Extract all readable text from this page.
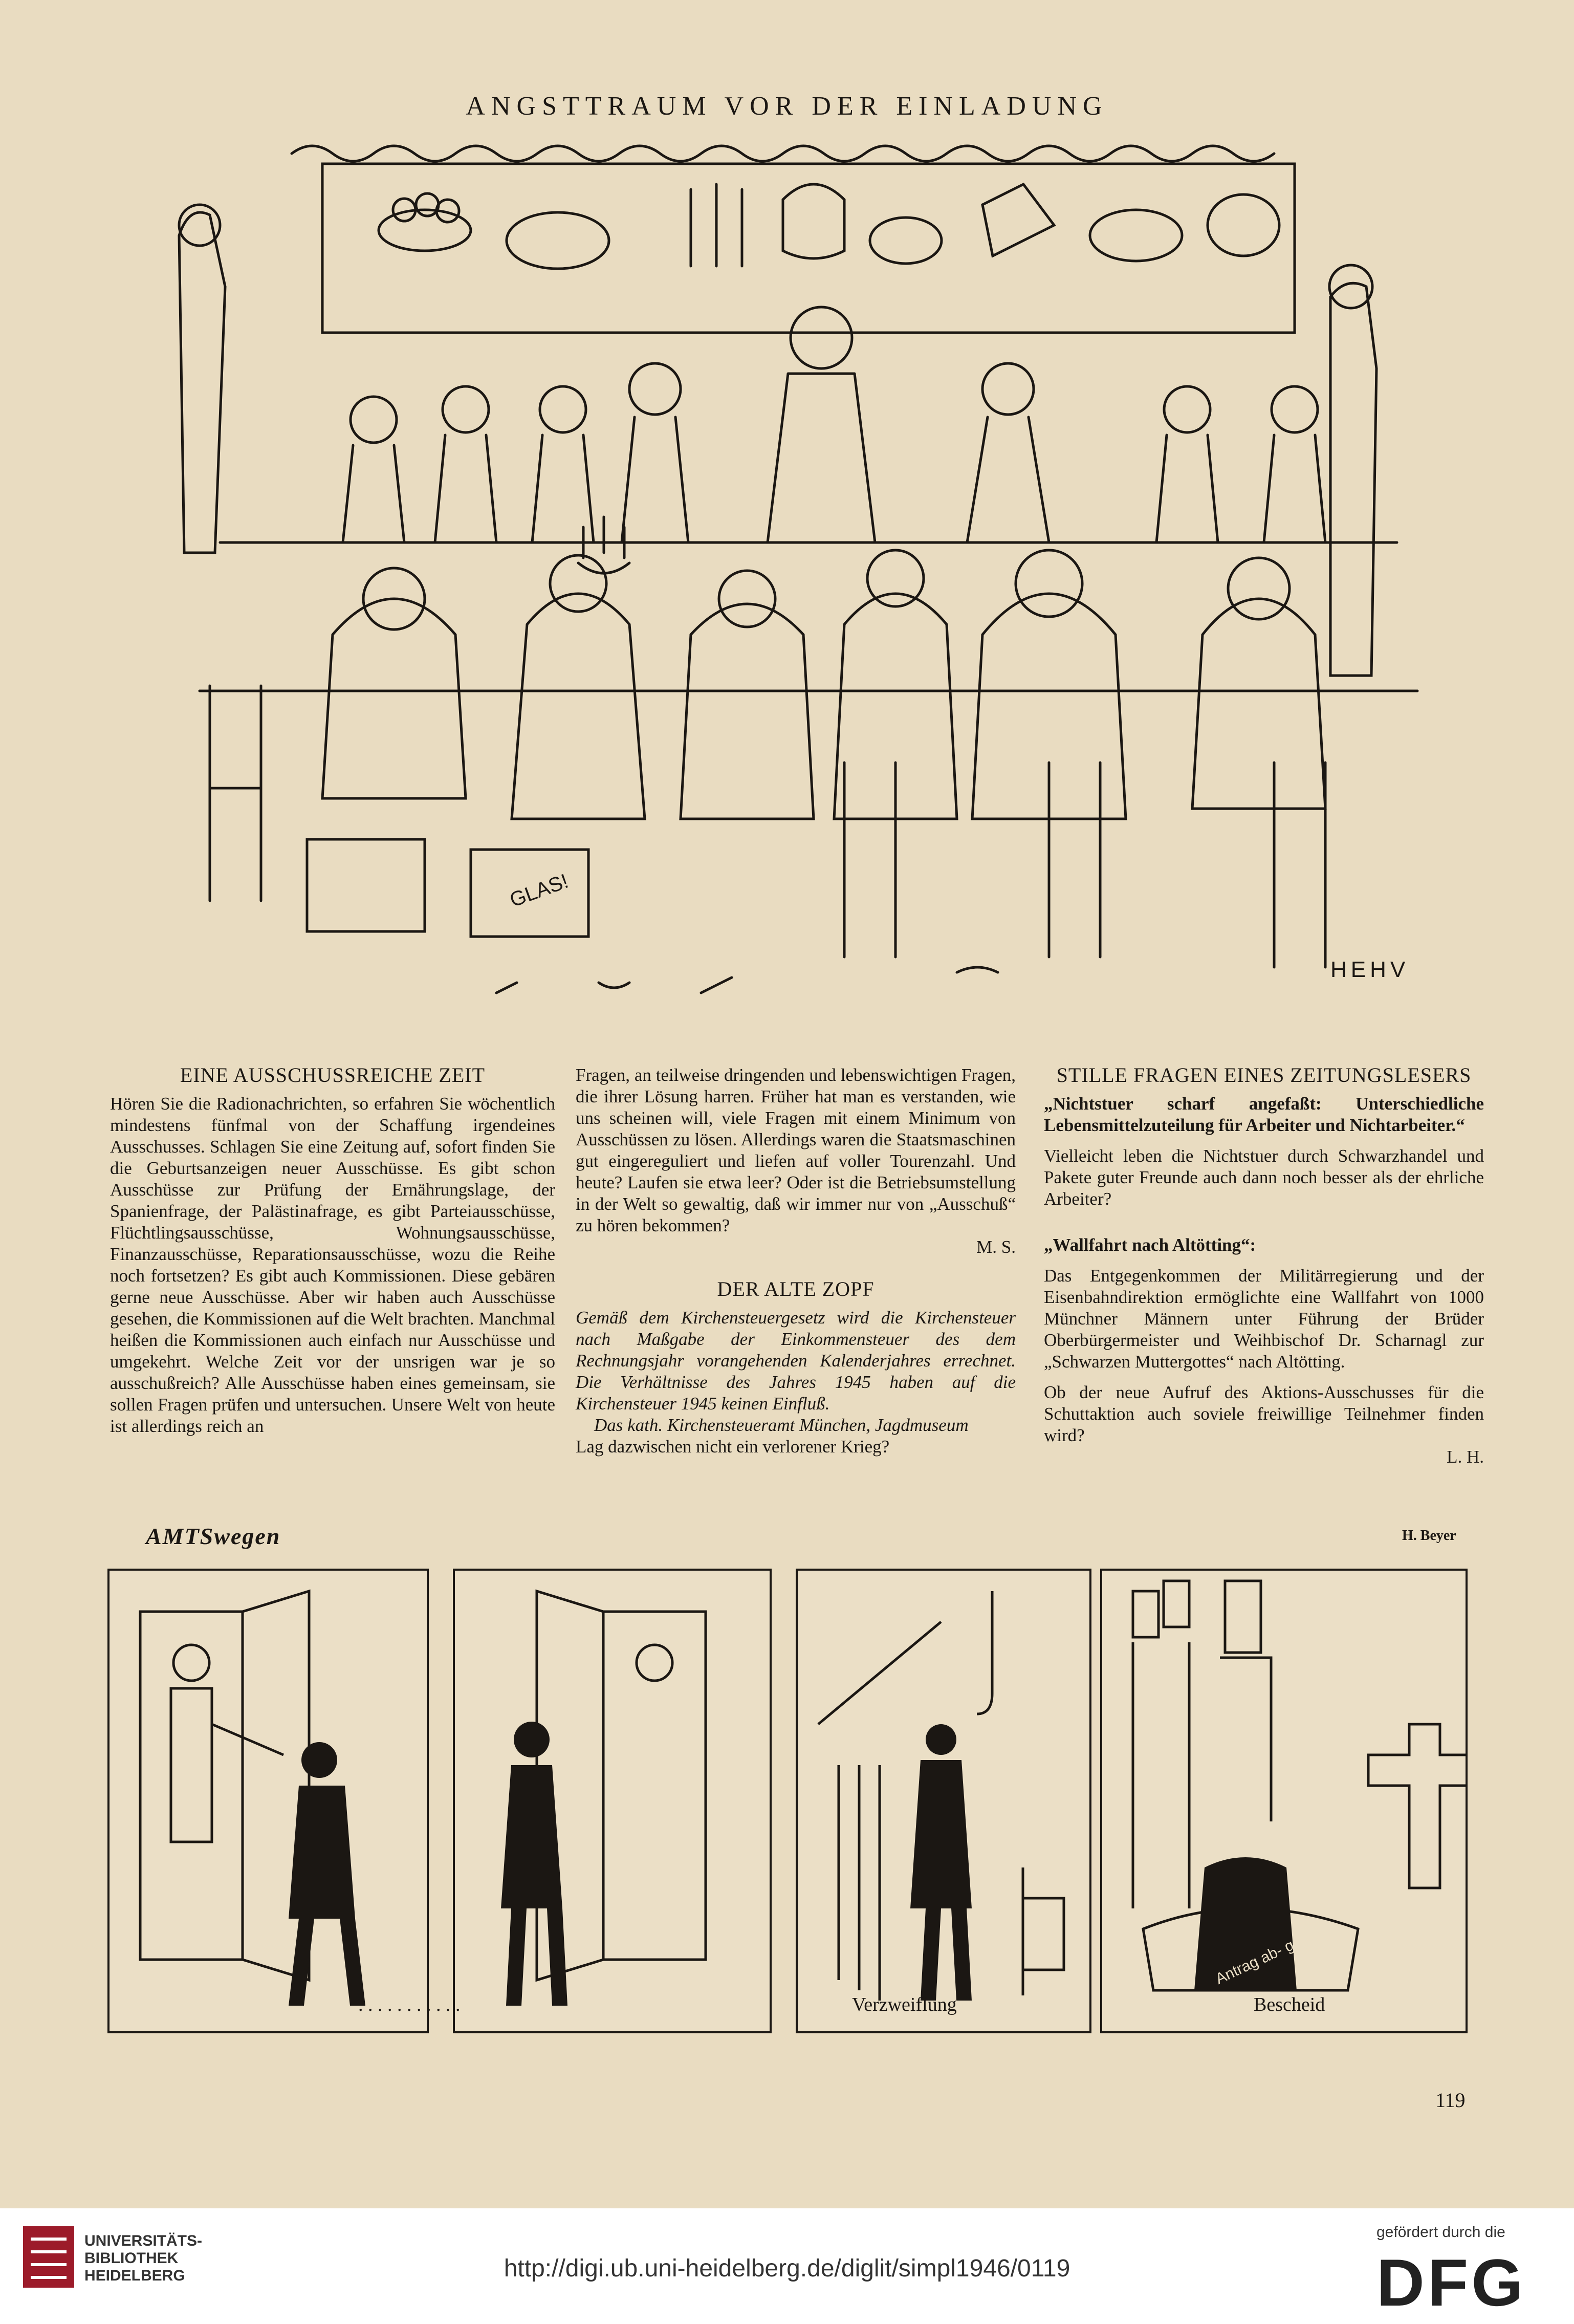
ANGSTTRAUM VOR DER EINLADUNG
GLAS!
HEHV
EINE AUSSCHUSSREICHE ZEIT

Hören Sie die Radionachrichten, so erfahren Sie wöchentlich mindestens fünfmal von der Schaffung irgendeines Ausschusses. Schlagen Sie eine Zeitung auf, sofort finden Sie die Geburtsanzeigen neuer Ausschüsse. Es gibt schon Ausschüsse zur Prüfung der Ernährungslage, der Spanienfrage, der Palästinafrage, es gibt Parteiausschüsse, Flüchtlingsausschüsse, Wohnungsausschüsse, Finanzausschüsse, Reparationsausschüsse, wozu die Reihe noch fortsetzen? Es gibt auch Kommissionen. Diese gebären gerne neue Ausschüsse. Aber wir haben auch Ausschüsse gesehen, die Kommissionen auf die Welt brachten. Manchmal heißen die Kommissionen auch einfach nur Ausschüsse und umgekehrt. Welche Zeit vor der unsrigen war je so ausschußreich? Alle Ausschüsse haben eines gemeinsam, sie sollen Fragen prüfen und untersuchen. Unsere Welt von heute ist allerdings reich an

Fragen, an teilweise dringenden und lebenswichtigen Fragen, die ihrer Lösung harren. Früher hat man es verstanden, wie uns scheinen will, viele Fragen mit einem Minimum von Ausschüssen zu lösen. Allerdings waren die Staatsmaschinen gut eingereguliert und liefen auf voller Tourenzahl. Und heute? Laufen sie etwa leer? Oder ist die Betriebsumstellung in der Welt so gewaltig, daß wir immer nur von „Ausschuß“ zu hören bekommen?

M. S.

DER ALTE ZOPF

Gemäß dem Kirchensteuergesetz wird die Kirchensteuer nach Maßgabe der Einkommensteuer des dem Rechnungsjahr vorangehenden Kalenderjahres errechnet. Die Verhältnisse des Jahres 1945 haben auf die Kirchensteuer 1945 keinen Einfluß.

Das kath. Kirchensteueramt München, Jagdmuseum

Lag dazwischen nicht ein verlorener Krieg?

STILLE FRAGEN EINES ZEITUNGSLESERS

„Nichtstuer scharf angefaßt: Unterschiedliche Lebensmittelzuteilung für Arbeiter und Nichtarbeiter.“

Vielleicht leben die Nichtstuer durch Schwarzhandel und Pakete guter Freunde auch dann noch besser als der ehrliche Arbeiter?

„Wallfahrt nach Altötting“:

Das Entgegenkommen der Militärregierung und der Eisenbahndirektion ermöglichte eine Wallfahrt von 1000 Münchner Männern unter Führung der Brüder Oberbürgermeister und Weihbischof Dr. Scharnagl zur „Schwarzen Muttergottes“ nach Altötting.

Ob der neue Aufruf des Aktions-Ausschusses für die Schuttaktion auch soviele freiwillige Teilnehmer finden wird?

L. H.

AMTSwegen	H. Beyer
Antrag ab- gelehnt
. . . . . . . . . . .	Verzweiflung	Bescheid
119
UNIVERSITÄTS-
BIBLIOTHEK
HEIDELBERG	http://digi.ub.uni-heidelberg.de/diglit/simpl1946/0119
gefördert durch die
DFG
